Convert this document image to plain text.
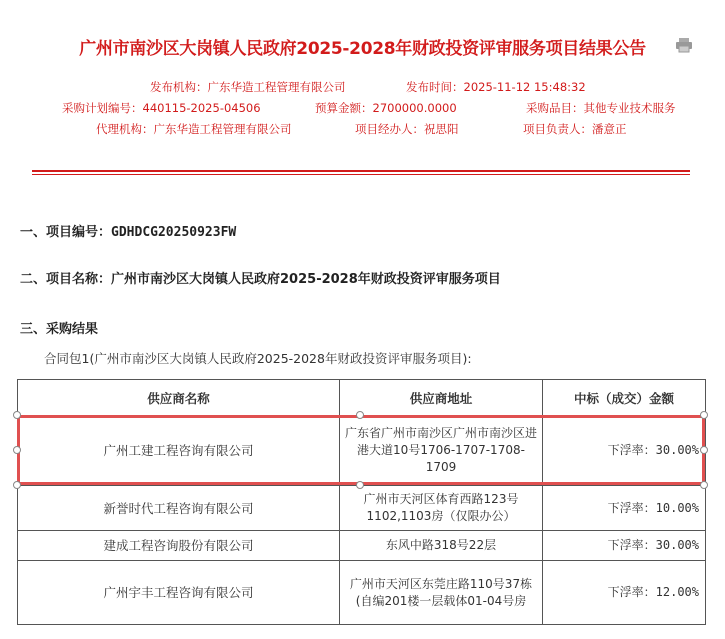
广州市南沙区大岗镇人民政府2025-2028年财政投资评审服务项目结果公告
发布机构：广东华造工程管理有限公司	发布时间：2025-11-12 15:48:32
采购计划编号：440115-2025-04506	预算金额：2700000.0000	采购品目：其他专业技术服务
代理机构：广东华造工程管理有限公司	项目经办人：祝思阳	项目负责人：潘意正
一、项目编号：GDHDCG20250923FW
二、项目名称：广州市南沙区大岗镇人民政府2025-2028年财政投资评审服务项目
三、采购结果
合同包1(广州市南沙区大岗镇人民政府2025-2028年财政投资评审服务项目):
供应商名称	供应商地址	中标（成交）金额
广州工建工程咨询有限公司	广东省广州市南沙区广州市南沙区进港大道10号1706-1707-1708-1709	下浮率：30.00%
新誉时代工程咨询有限公司	广州市天河区体育西路123号1102,1103房（仅限办公）	下浮率：10.00%
建成工程咨询股份有限公司	东风中路318号22层	下浮率：30.00%
广州宇丰工程咨询有限公司	广州市天河区东莞庄路110号37栋(自编201楼一层载体01-04号房	下浮率：12.00%
